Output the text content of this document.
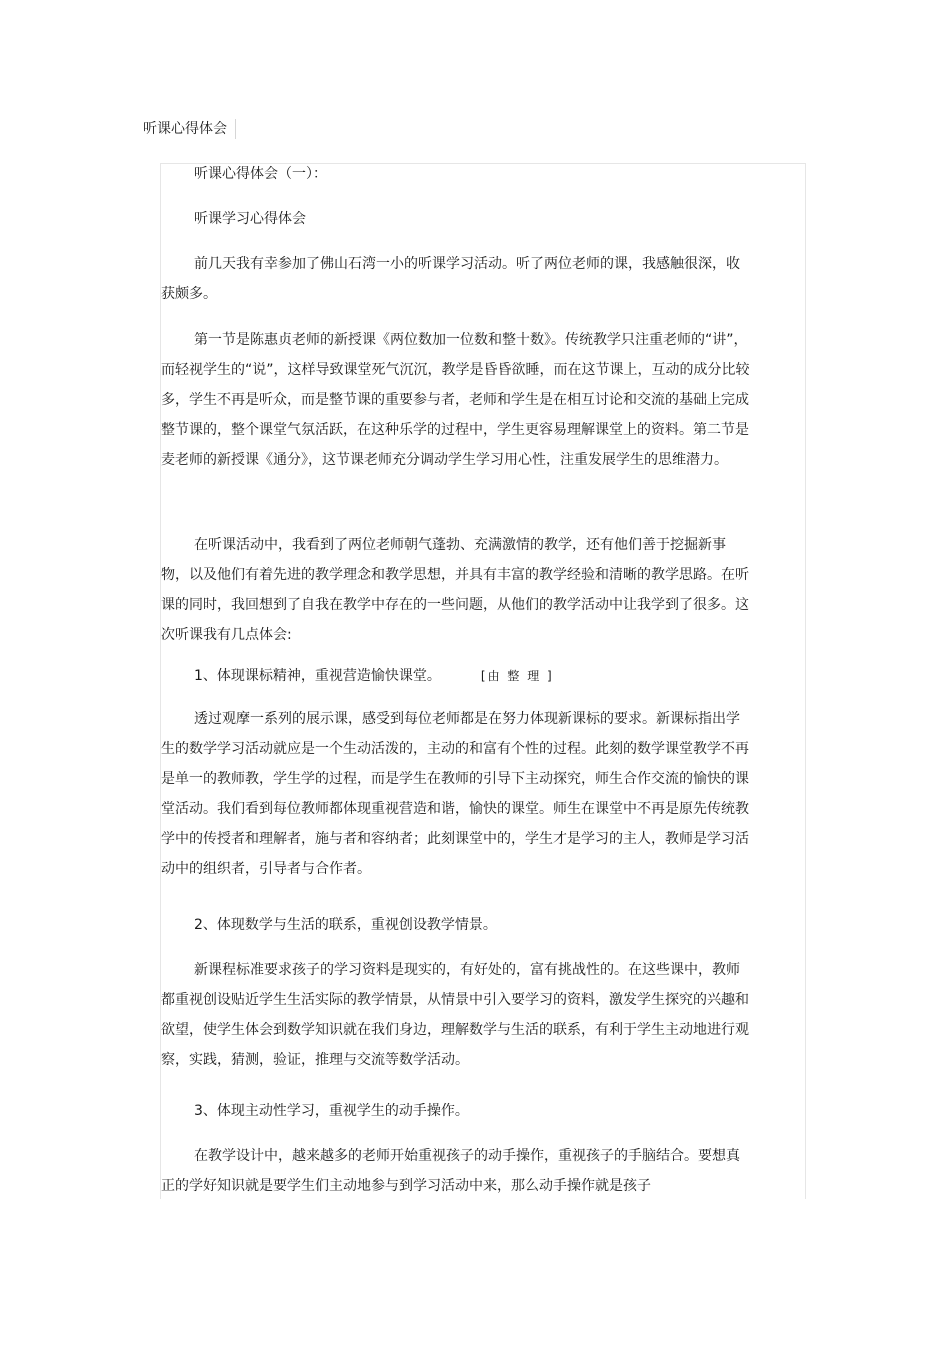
听课心得体会

听课心得体会（一）：

听课学习心得体会

前几天我有幸参加了佛山石湾一小的听课学习活动。听了两位老师的课，我感触很深，收获颇多。

第一节是陈惠贞老师的新授课《两位数加一位数和整十数》。传统教学只注重老师的“讲”，而轻视学生的“说”，这样导致课堂死气沉沉，教学是昏昏欲睡，而在这节课上，互动的成分比较多，学生不再是听众，而是整节课的重要参与者，老师和学生是在相互讨论和交流的基础上完成整节课的，整个课堂气氛活跃，在这种乐学的过程中，学生更容易理解课堂上的资料。第二节是麦老师的新授课《通分》，这节课老师充分调动学生学习用心性，注重发展学生的思维潜力。

在听课活动中，我看到了两位老师朝气蓬勃、充满激情的教学，还有他们善于挖掘新事物，以及他们有着先进的教学理念和教学思想，并具有丰富的教学经验和清晰的教学思路。在听课的同时，我回想到了自我在教学中存在的一些问题，从他们的教学活动中让我学到了很多。这次听课我有几点体会:

1、体现课标精神，重视营造愉快课堂。	[由 整 理 ]

透过观摩一系列的展示课，感受到每位老师都是在努力体现新课标的要求。新课标指出学生的数学学习活动就应是一个生动活泼的，主动的和富有个性的过程。此刻的数学课堂教学不再是单一的教师教，学生学的过程，而是学生在教师的引导下主动探究，师生合作交流的愉快的课堂活动。我们看到每位教师都体现重视营造和谐，愉快的课堂。师生在课堂中不再是原先传统教学中的传授者和理解者，施与者和容纳者；此刻课堂中的，学生才是学习的主人，教师是学习活动中的组织者，引导者与合作者。

2、体现数学与生活的联系，重视创设教学情景。

新课程标准要求孩子的学习资料是现实的，有好处的，富有挑战性的。在这些课中，教师都重视创设贴近学生生活实际的教学情景，从情景中引入要学习的资料，激发学生探究的兴趣和欲望，使学生体会到数学知识就在我们身边，理解数学与生活的联系，有利于学生主动地进行观察，实践，猜测，验证，推理与交流等数学活动。

3、体现主动性学习，重视学生的动手操作。

在教学设计中，越来越多的老师开始重视孩子的动手操作，重视孩子的手脑结合。要想真正的学好知识就是要学生们主动地参与到学习活动中来，那么动手操作就是孩子
